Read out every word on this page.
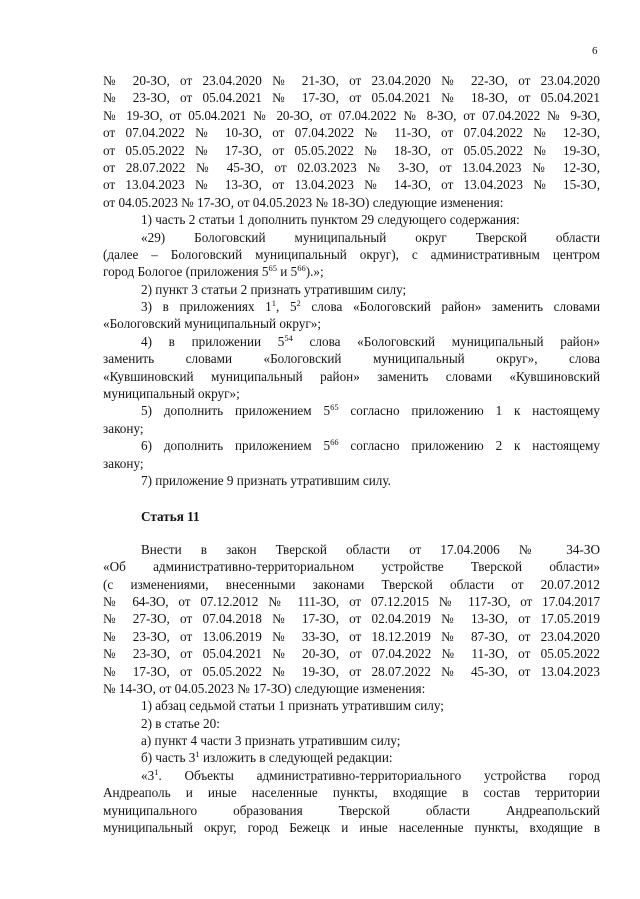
6
№ 20-ЗО, от 23.04.2020 № 21-ЗО, от 23.04.2020 № 22-ЗО, от 23.04.2020
№ 23-ЗО, от 05.04.2021 № 17-ЗО, от 05.04.2021 № 18-ЗО, от 05.04.2021
№ 19-ЗО, от 05.04.2021 № 20-ЗО, от 07.04.2022 № 8-ЗО, от 07.04.2022 № 9-ЗО,
от 07.04.2022 № 10-ЗО, от 07.04.2022 № 11-ЗО, от 07.04.2022 № 12-ЗО,
от 05.05.2022 № 17-ЗО, от 05.05.2022 № 18-ЗО, от 05.05.2022 № 19-ЗО,
от 28.07.2022 № 45-ЗО, от 02.03.2023 № 3-ЗО, от 13.04.2023 № 12-ЗО,
от 13.04.2023 № 13-ЗО, от 13.04.2023 № 14-ЗО, от 13.04.2023 № 15-ЗО,
от 04.05.2023 № 17-ЗО, от 04.05.2023 № 18-ЗО) следующие изменения:
1) часть 2 статьи 1 дополнить пунктом 29 следующего содержания:
«29) Бологовский муниципальный округ Тверской области
(далее – Бологовский муниципальный округ), с административным центром
город Бологое (приложения $5^{65}$ и $5^{66}$).»;
2) пункт 3 статьи 2 признать утратившим силу;
3) в приложениях $1^1$, $5^2$ слова «Бологовский район» заменить словами
«Бологовский муниципальный округ»;
4) в приложении $5^{54}$ слова «Бологовский муниципальный район»
заменить словами «Бологовский муниципальный округ», слова
«Кувшиновский муниципальный район» заменить словами «Кувшиновский
муниципальный округ»;
5) дополнить приложением $5^{65}$ согласно приложению 1 к настоящему
закону;
6) дополнить приложением $5^{66}$ согласно приложению 2 к настоящему
закону;
7) приложение 9 признать утратившим силу.
Статья 11
Внести в закон Тверской области от 17.04.2006 № 34-ЗО
«Об административно-территориальном устройстве Тверской области»
(с изменениями, внесенными законами Тверской области от 20.07.2012
№ 64-ЗО, от 07.12.2012 № 111-ЗО, от 07.12.2015 № 117-ЗО, от 17.04.2017
№ 27-ЗО, от 07.04.2018 № 17-ЗО, от 02.04.2019 № 13-ЗО, от 17.05.2019
№ 23-ЗО, от 13.06.2019 № 33-ЗО, от 18.12.2019 № 87-ЗО, от 23.04.2020
№ 23-ЗО, от 05.04.2021 № 20-ЗО, от 07.04.2022 № 11-ЗО, от 05.05.2022
№ 17-ЗО, от 05.05.2022 № 19-ЗО, от 28.07.2022 № 45-ЗО, от 13.04.2023
№ 14-ЗО, от 04.05.2023 № 17-ЗО) следующие изменения:
1) абзац седьмой статьи 1 признать утратившим силу;
2) в статье 20:
а) пункт 4 части 3 признать утратившим силу;
б) часть $3^1$ изложить в следующей редакции:
«$3^1$. Объекты административно-территориального устройства город
Андреаполь и иные населенные пункты, входящие в состав территории
муниципального образования Тверской области Андреапольский
муниципальный округ, город Бежецк и иные населенные пункты, входящие в
